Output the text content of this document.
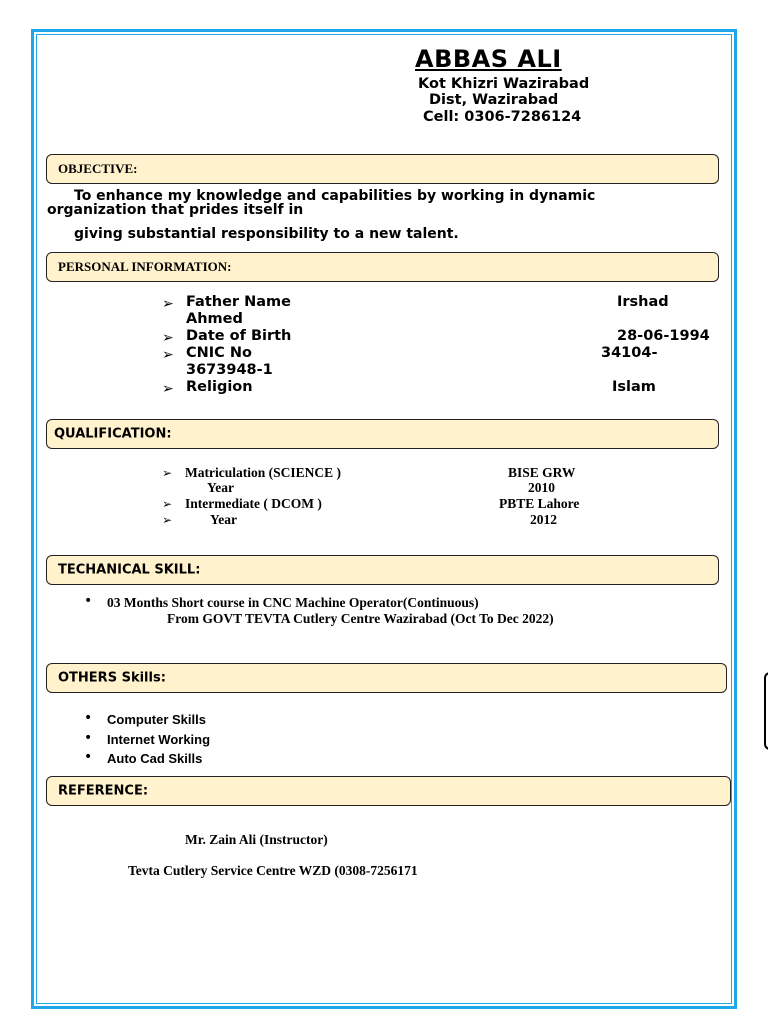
ABBAS ALI
Kot Khizri Wazirabad
Dist, Wazirabad
Cell: 0306-7286124
OBJECTIVE:
To enhance my knowledge and capabilities by working in dynamic
organization that prides itself in
giving substantial responsibility to a new talent.
PERSONAL INFORMATION:
➢ Father Name	Irshad
Ahmed
➢ Date of Birth	28-06-1994
➢ CNIC No	34104-
3673948-1
➢ Religion	Islam
QUALIFICATION:
➢ Matriculation (SCIENCE )	BISE GRW
Year	2010
➢ Intermediate ( DCOM )	PBTE Lahore
➢	Year	2012
TECHANICAL SKILL:
• 03 Months Short course in CNC Machine Operator(Continuous)
From GOVT TEVTA Cutlery Centre Wazirabad (Oct To Dec 2022)
OTHERS Skills:
• Computer Skills
• Internet Working
• Auto Cad Skills
REFERENCE:
Mr. Zain Ali (Instructor)
Tevta Cutlery Service Centre WZD (0308-7256171
